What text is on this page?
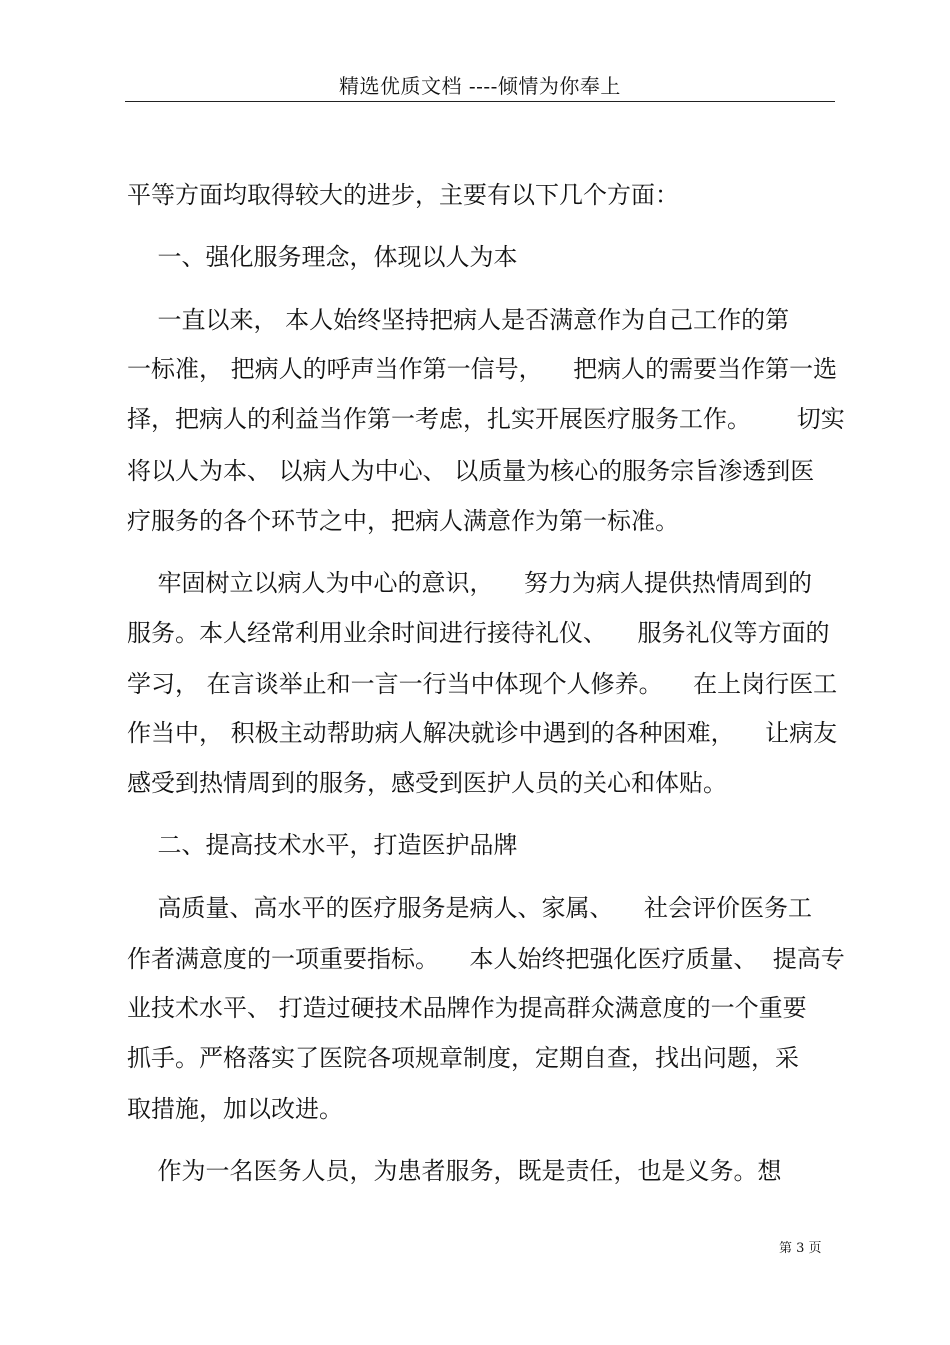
精选优质文档 ----倾情为你奉上
平等方面均取得较大的进步，主要有以下几个方面：
一、强化服务理念，体现以人为本
一直以来， 本人始终坚持把病人是否满意作为自己工作的第
一标准， 把病人的呼声当作第一信号，    把病人的需要当作第一选
择，把病人的利益当作第一考虑，扎实开展医疗服务工作。      切实
将以人为本、 以病人为中心、 以质量为核心的服务宗旨渗透到医
疗服务的各个环节之中，把病人满意作为第一标准。
牢固树立以病人为中心的意识，    努力为病人提供热情周到的
服务。本人经常利用业余时间进行接待礼仪、    服务礼仪等方面的
学习， 在言谈举止和一言一行当中体现个人修养。    在上岗行医工
作当中， 积极主动帮助病人解决就诊中遇到的各种困难，    让病友
感受到热情周到的服务，感受到医护人员的关心和体贴。
二、提高技术水平，打造医护品牌
高质量、高水平的医疗服务是病人、家属、    社会评价医务工
作者满意度的一项重要指标。    本人始终把强化医疗质量、  提高专
业技术水平、 打造过硬技术品牌作为提高群众满意度的一个重要
抓手。严格落实了医院各项规章制度，定期自查，找出问题，采
取措施，加以改进。
作为一名医务人员，为患者服务，既是责任，也是义务。想
第 3 页
